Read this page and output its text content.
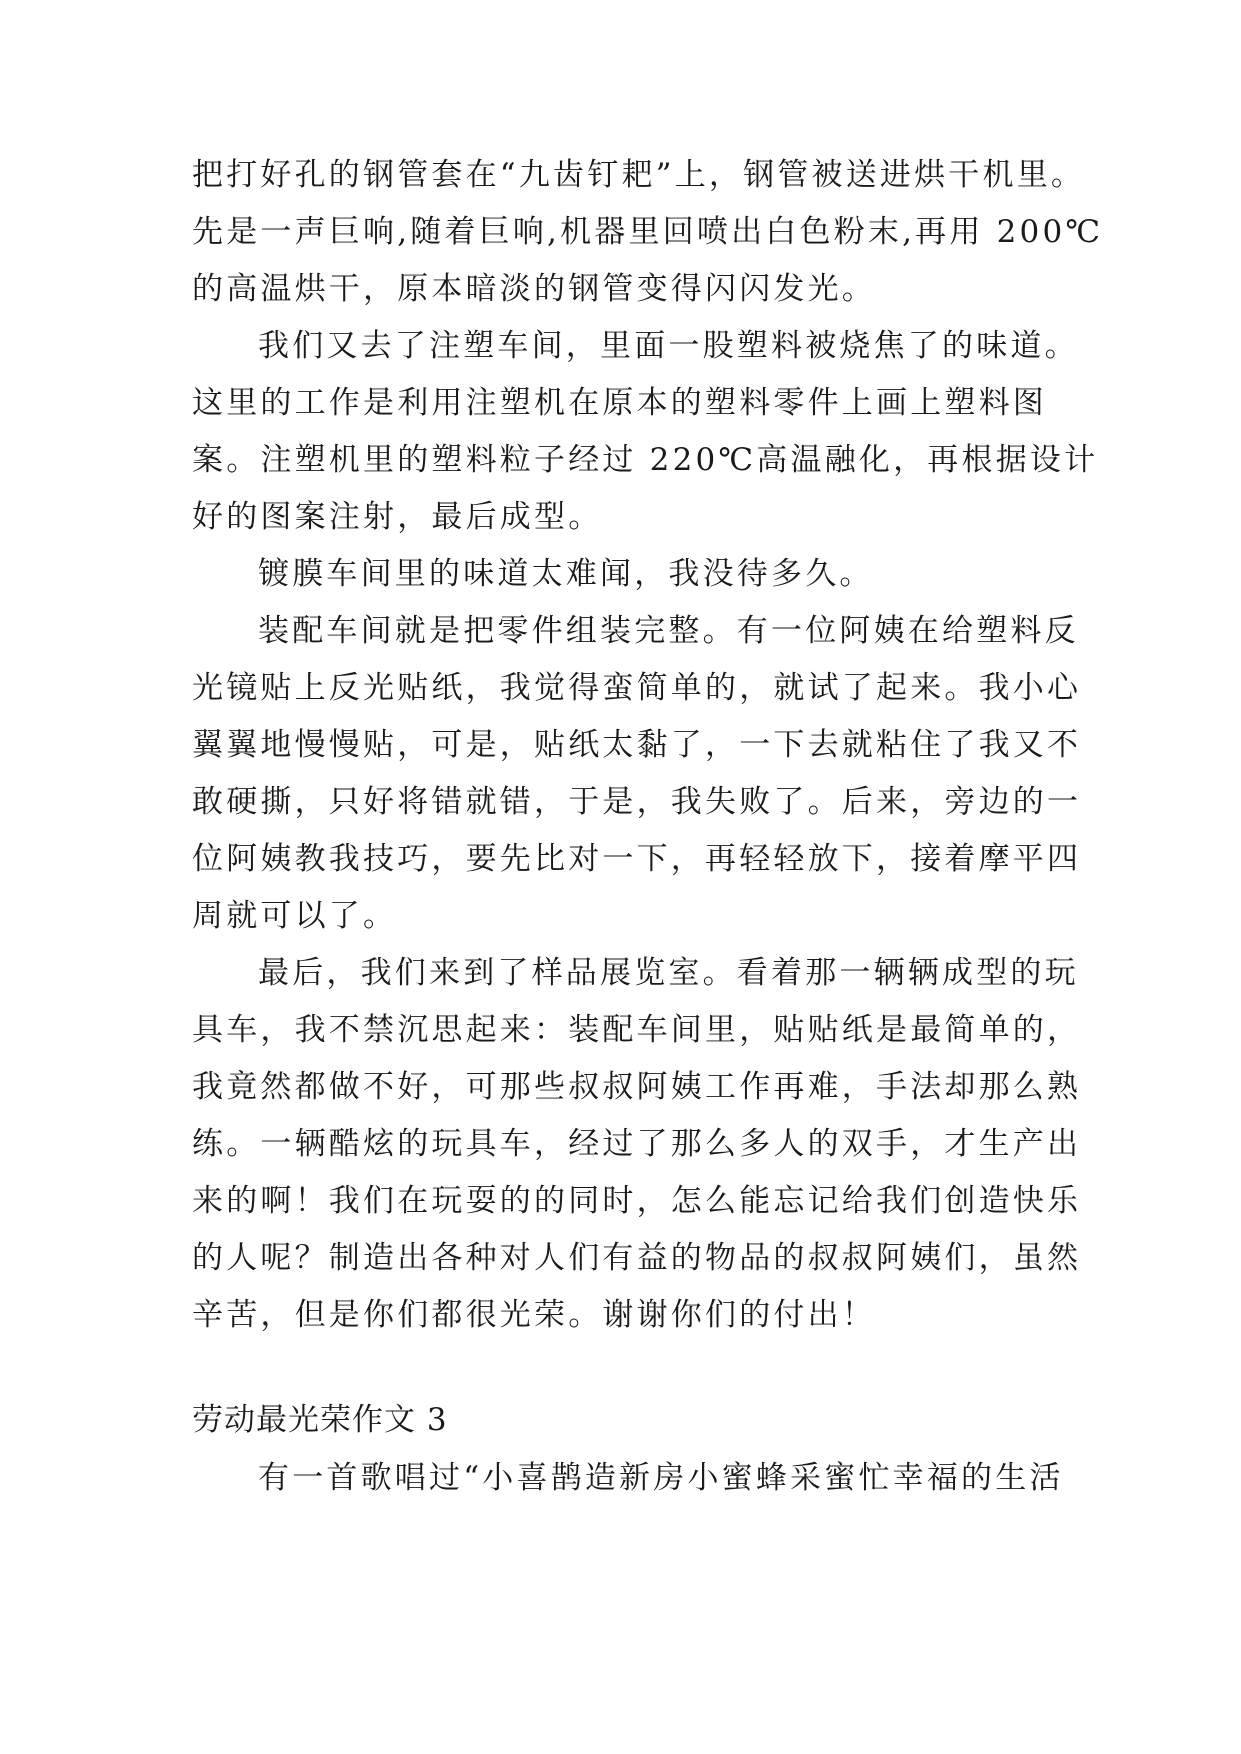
把打好孔的钢管套在“九齿钉耙”上，钢管被送进烘干机里。
先是一声巨响,随着巨响,机器里回喷出白色粉末,再用 200℃
的高温烘干，原本暗淡的钢管变得闪闪发光。
我们又去了注塑车间，里面一股塑料被烧焦了的味道。
这里的工作是利用注塑机在原本的塑料零件上画上塑料图
案。注塑机里的塑料粒子经过 220℃高温融化，再根据设计
好的图案注射，最后成型。
镀膜车间里的味道太难闻，我没待多久。
装配车间就是把零件组装完整。有一位阿姨在给塑料反
光镜贴上反光贴纸，我觉得蛮简单的，就试了起来。我小心
翼翼地慢慢贴，可是，贴纸太黏了，一下去就粘住了我又不
敢硬撕，只好将错就错，于是，我失败了。后来，旁边的一
位阿姨教我技巧，要先比对一下，再轻轻放下，接着摩平四
周就可以了。
最后，我们来到了样品展览室。看着那一辆辆成型的玩
具车，我不禁沉思起来：装配车间里，贴贴纸是最简单的，
我竟然都做不好，可那些叔叔阿姨工作再难，手法却那么熟
练。一辆酷炫的玩具车，经过了那么多人的双手，才生产出
来的啊！我们在玩耍的的同时，怎么能忘记给我们创造快乐
的人呢？制造出各种对人们有益的物品的叔叔阿姨们，虽然
辛苦，但是你们都很光荣。谢谢你们的付出！
劳动最光荣作文 3
有一首歌唱过“小喜鹊造新房小蜜蜂采蜜忙幸福的生活
